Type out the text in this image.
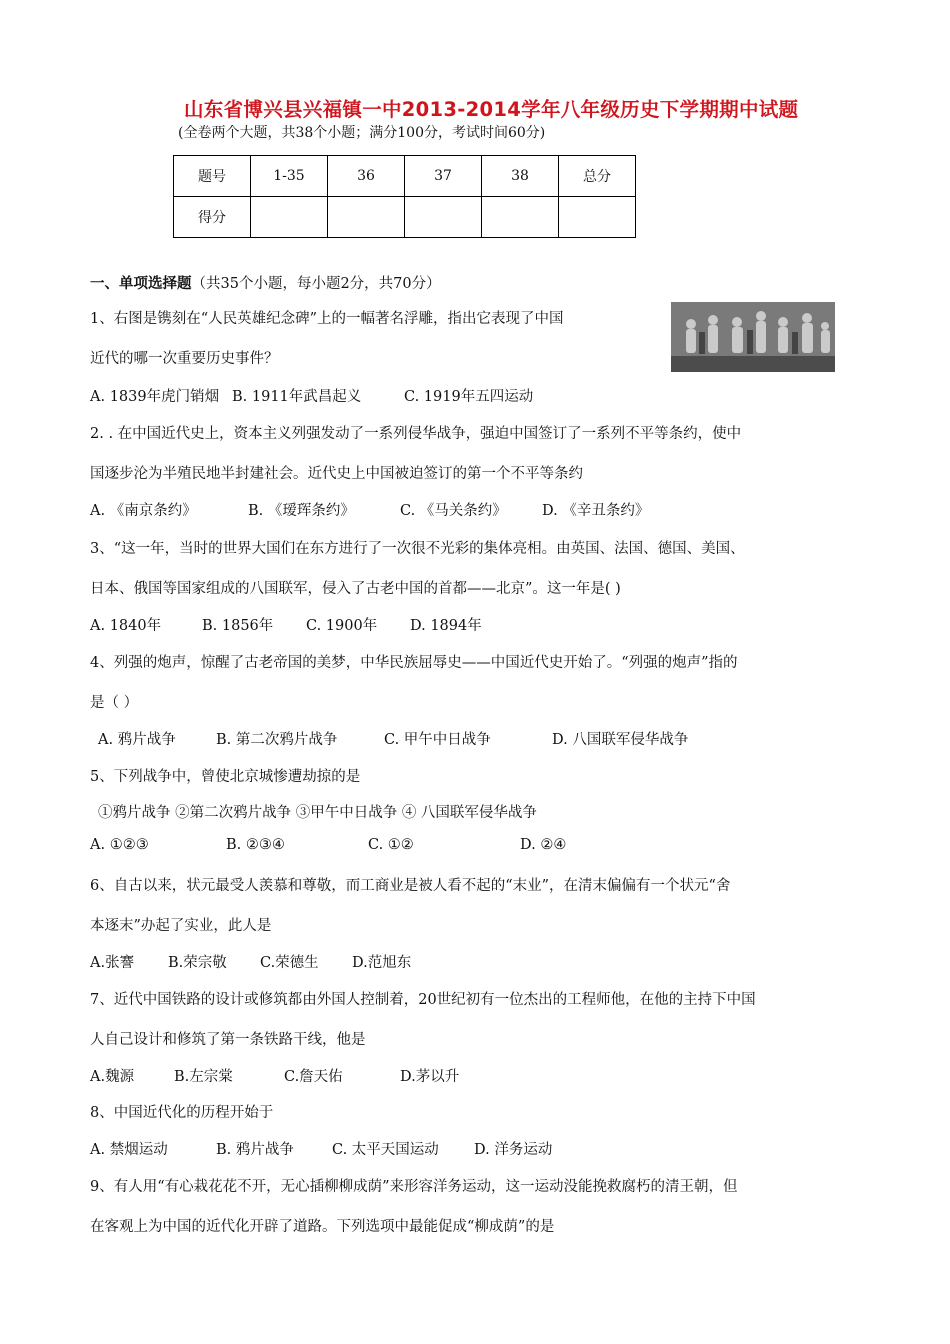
山东省博兴县兴福镇一中2013-2014学年八年级历史下学期期中试题
(全卷两个大题，共38个小题；满分100分，考试时间60分)
题号	1-35	36	37	38	总分
得分					
一、单项选择题（共35个小题，每小题2分，共70分）
1、右图是镌刻在“人民英雄纪念碑”上的一幅著名浮雕，指出它表现了中国
近代的哪一次重要历史事件？
A. 1839年虎门销烟 B. 1911年武昌起义	C. 1919年五四运动
2. . 在中国近代史上，资本主义列强发动了一系列侵华战争，强迫中国签订了一系列不平等条约，使中
国逐步沦为半殖民地半封建社会。近代史上中国被迫签订的第一个不平等条约
A. 《南京条约》	B. 《瑷珲条约》	C. 《马关条约》 D. 《辛丑条约》
3、“这一年，当时的世界大国们在东方进行了一次很不光彩的集体亮相。由英国、法国、德国、美国、
日本、俄国等国家组成的八国联军，侵入了古老中国的首都——北京”。这一年是( )
A. 1840年	B. 1856年 C. 1900年 D. 1894年
4、列强的炮声，惊醒了古老帝国的美梦，中华民族屈辱史——中国近代史开始了。“列强的炮声”指的
是（ ）
A. 鸦片战争	B. 第二次鸦片战争	C. 甲午中日战争	D. 八国联军侵华战争
5、下列战争中，曾使北京城惨遭劫掠的是
①鸦片战争 ②第二次鸦片战争 ③甲午中日战争 ④ 八国联军侵华战争
A. ①②③	B. ②③④	C. ①②	D. ②④
6、自古以来，状元最受人羡慕和尊敬，而工商业是被人看不起的“末业”，在清末偏偏有一个状元“舍
本逐末”办起了实业，此人是
A.张謇 B.荣宗敬 C.荣德生 D.范旭东
7、近代中国铁路的设计或修筑都由外国人控制着，20世纪初有一位杰出的工程师他，在他的主持下中国
人自己设计和修筑了第一条铁路干线，他是
A.魏源	B.左宗棠	C.詹天佑	D.茅以升
8、中国近代化的历程开始于
A. 禁烟运动	B. 鸦片战争	C. 太平天国运动 D. 洋务运动
9、有人用“有心栽花花不开，无心插柳柳成荫”来形容洋务运动，这一运动没能挽救腐朽的清王朝，但
在客观上为中国的近代化开辟了道路。下列选项中最能促成“柳成荫”的是
